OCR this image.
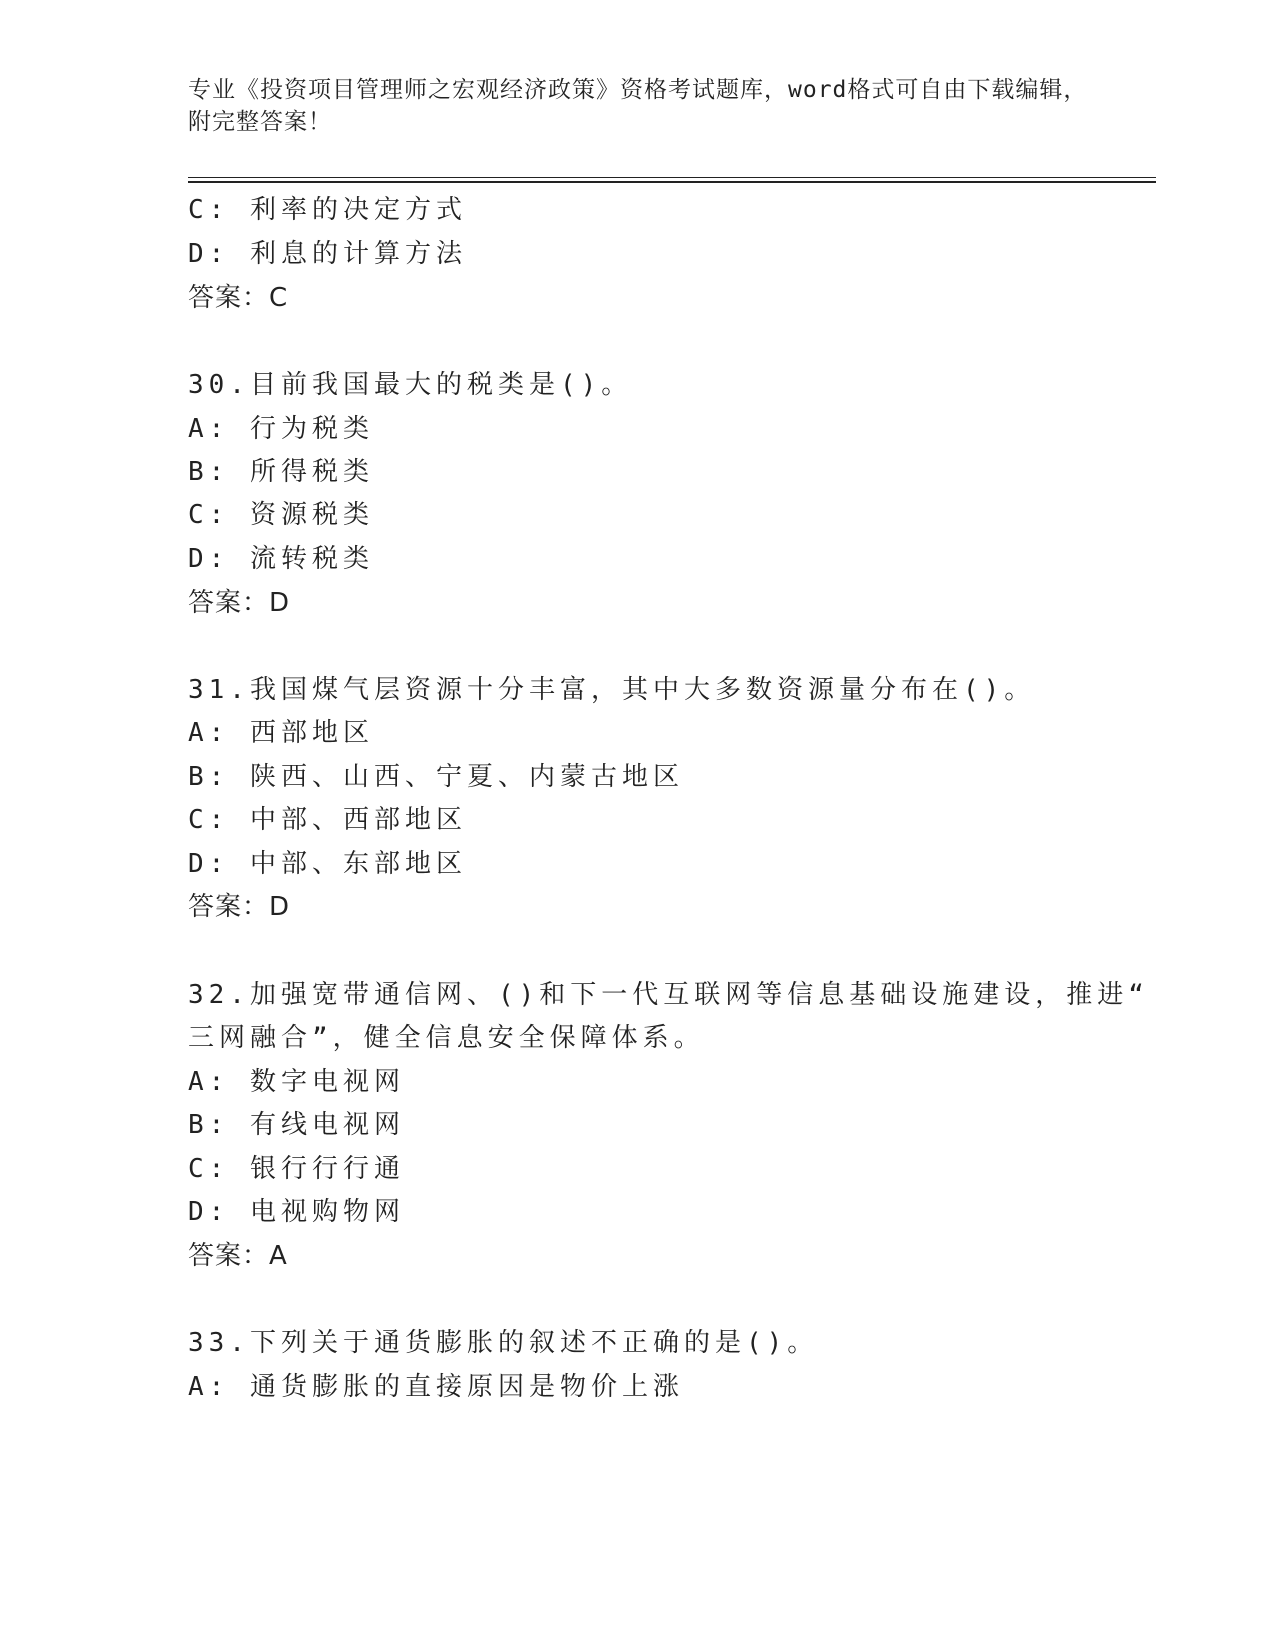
专业《投资项目管理师之宏观经济政策》资格考试题库，word格式可自由下载编辑，附完整答案！
C: 利率的决定方式
D: 利息的计算方法
答案：C
30.目前我国最大的税类是()。
A: 行为税类
B: 所得税类
C: 资源税类
D: 流转税类
答案：D
31.我国煤气层资源十分丰富，其中大多数资源量分布在()。
A: 西部地区
B: 陕西、山西、宁夏、内蒙古地区
C: 中部、西部地区
D: 中部、东部地区
答案：D
32.加强宽带通信网、()和下一代互联网等信息基础设施建设，推进“
三网融合”，健全信息安全保障体系。
A: 数字电视网
B: 有线电视网
C: 银行行行通
D: 电视购物网
答案：A
33.下列关于通货膨胀的叙述不正确的是()。
A: 通货膨胀的直接原因是物价上涨
